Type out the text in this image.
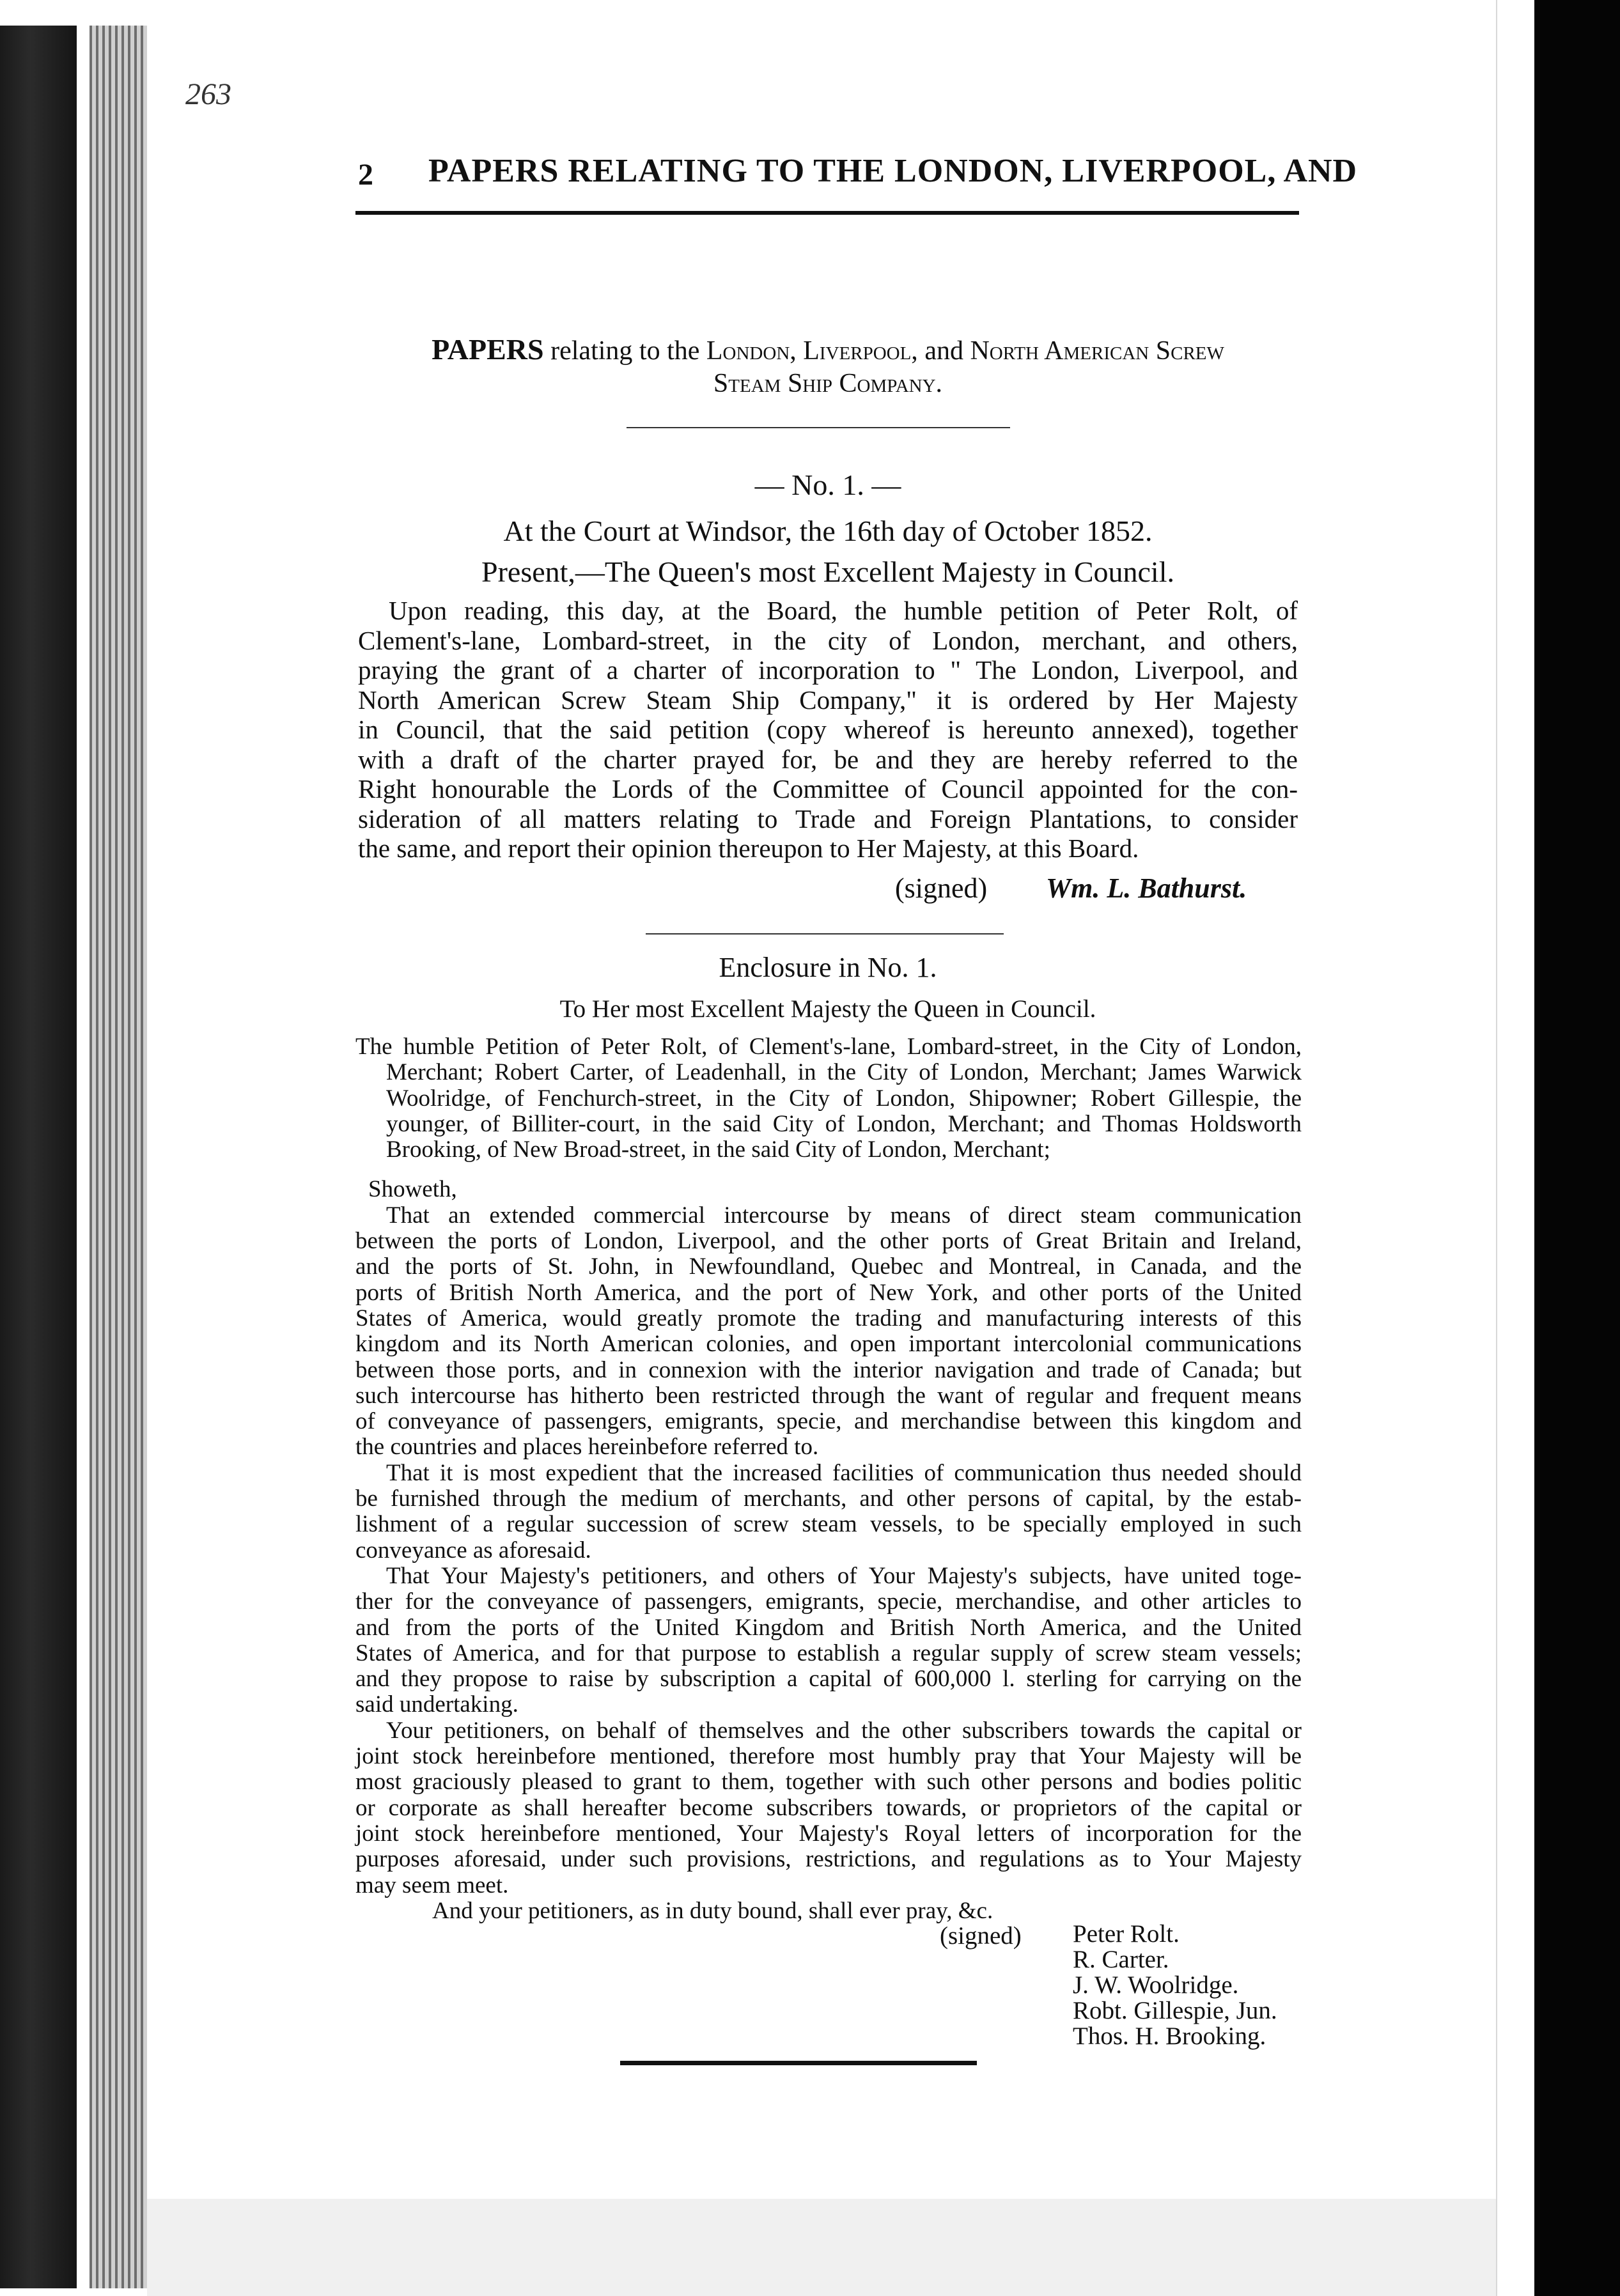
263
2 PAPERS RELATING TO THE LONDON, LIVERPOOL, AND
PAPERS relating to the London, Liverpool, and North American Screw
Steam Ship Company.
— No. 1. —
At the Court at Windsor, the 16th day of October 1852.
Present,—The Queen's most Excellent Majesty in Council.
Upon reading, this day, at the Board, the humble petition of Peter Rolt, of
Clement's-lane, Lombard-street, in the city of London, merchant, and others,
praying the grant of a charter of incorporation to " The London, Liverpool, and
North American Screw Steam Ship Company," it is ordered by Her Majesty
in Council, that the said petition (copy whereof is hereunto annexed), together
with a draft of the charter prayed for, be and they are hereby referred to the
Right honourable the Lords of the Committee of Council appointed for the con-
sideration of all matters relating to Trade and Foreign Plantations, to consider
the same, and report their opinion thereupon to Her Majesty, at this Board.
(signed) Wm. L. Bathurst.
Enclosure in No. 1.
To Her most Excellent Majesty the Queen in Council.
The humble Petition of Peter Rolt, of Clement's-lane, Lombard-street, in the City of London,
Merchant; Robert Carter, of Leadenhall, in the City of London, Merchant; James Warwick
Woolridge, of Fenchurch-street, in the City of London, Shipowner; Robert Gillespie, the
younger, of Billiter-court, in the said City of London, Merchant; and Thomas Holdsworth
Brooking, of New Broad-street, in the said City of London, Merchant;
Showeth,
That an extended commercial intercourse by means of direct steam communication
between the ports of London, Liverpool, and the other ports of Great Britain and Ireland,
and the ports of St. John, in Newfoundland, Quebec and Montreal, in Canada, and the
ports of British North America, and the port of New York, and other ports of the United
States of America, would greatly promote the trading and manufacturing interests of this
kingdom and its North American colonies, and open important intercolonial communications
between those ports, and in connexion with the interior navigation and trade of Canada; but
such intercourse has hitherto been restricted through the want of regular and frequent means
of conveyance of passengers, emigrants, specie, and merchandise between this kingdom and
the countries and places hereinbefore referred to.
That it is most expedient that the increased facilities of communication thus needed should
be furnished through the medium of merchants, and other persons of capital, by the estab-
lishment of a regular succession of screw steam vessels, to be specially employed in such
conveyance as aforesaid.
That Your Majesty's petitioners, and others of Your Majesty's subjects, have united toge-
ther for the conveyance of passengers, emigrants, specie, merchandise, and other articles to
and from the ports of the United Kingdom and British North America, and the United
States of America, and for that purpose to establish a regular supply of screw steam vessels;
and they propose to raise by subscription a capital of 600,000 l. sterling for carrying on the
said undertaking.
Your petitioners, on behalf of themselves and the other subscribers towards the capital or
joint stock hereinbefore mentioned, therefore most humbly pray that Your Majesty will be
most graciously pleased to grant to them, together with such other persons and bodies politic
or corporate as shall hereafter become subscribers towards, or proprietors of the capital or
joint stock hereinbefore mentioned, Your Majesty's Royal letters of incorporation for the
purposes aforesaid, under such provisions, restrictions, and regulations as to Your Majesty
may seem meet.
And your petitioners, as in duty bound, shall ever pray, &c.
(signed) Peter Rolt.
R. Carter.
J. W. Woolridge.
Robt. Gillespie, Jun.
Thos. H. Brooking.
